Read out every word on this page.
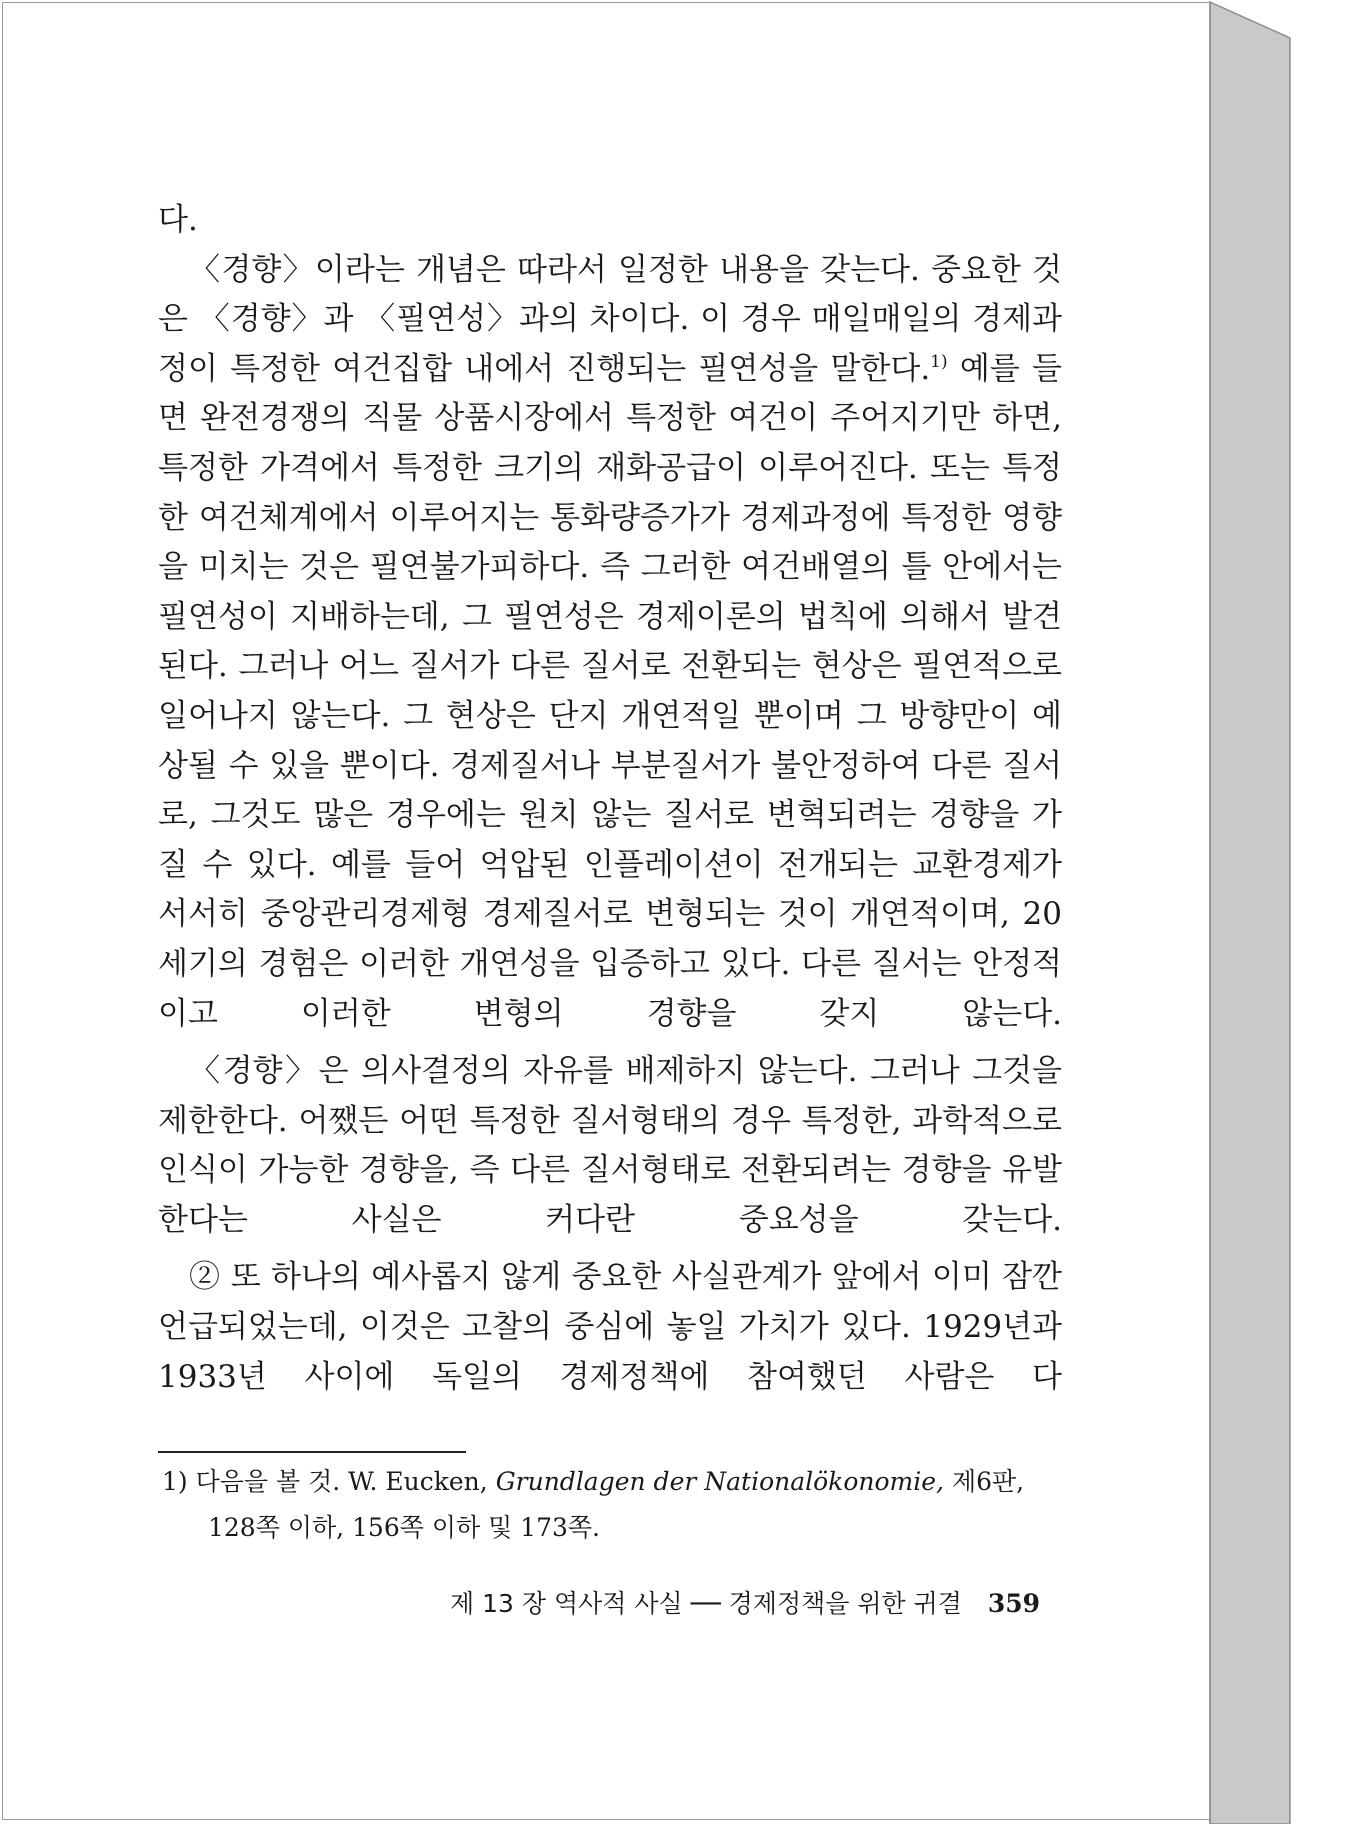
다.

〈경향〉이라는 개념은 따라서 일정한 내용을 갖는다. 중요한 것은 〈경향〉과 〈필연성〉과의 차이다. 이 경우 매일매일의 경제과정이 특정한 여건집합 내에서 진행되는 필연성을 말한다.$^{1)}$ 예를 들면 완전경쟁의 직물 상품시장에서 특정한 여건이 주어지기만 하면, 특정한 가격에서 특정한 크기의 재화공급이 이루어진다. 또는 특정한 여건체계에서 이루어지는 통화량증가가 경제과정에 특정한 영향을 미치는 것은 필연불가피하다. 즉 그러한 여건배열의 틀 안에서는 필연성이 지배하는데, 그 필연성은 경제이론의 법칙에 의해서 발견된다. 그러나 어느 질서가 다른 질서로 전환되는 현상은 필연적으로 일어나지 않는다. 그 현상은 단지 개연적일 뿐이며 그 방향만이 예상될 수 있을 뿐이다. 경제질서나 부분질서가 불안정하여 다른 질서로, 그것도 많은 경우에는 원치 않는 질서로 변혁되려는 경향을 가질 수 있다. 예를 들어 억압된 인플레이션이 전개되는 교환경제가 서서히 중앙관리경제형 경제질서로 변형되는 것이 개연적이며, 20세기의 경험은 이러한 개연성을 입증하고 있다. 다른 질서는 안정적이고 이러한 변형의 경향을 갖지 않는다.

〈경향〉은 의사결정의 자유를 배제하지 않는다. 그러나 그것을 제한한다. 어쨌든 어떤 특정한 질서형태의 경우 특정한, 과학적으로 인식이 가능한 경향을, 즉 다른 질서형태로 전환되려는 경향을 유발한다는 사실은 커다란 중요성을 갖는다.

② 또 하나의 예사롭지 않게 중요한 사실관계가 앞에서 이미 잠깐 언급되었는데, 이것은 고찰의 중심에 놓일 가치가 있다. 1929년과 1933년 사이에 독일의 경제정책에 참여했던 사람은 다

1) 다음을 볼 것. W. Eucken, Grundlagen der Nationalökonomie, 제6판,
128쪽 이하, 156쪽 이하 및 173쪽.
제 13 장 역사적 사실 ── 경제정책을 위한 귀결 359
